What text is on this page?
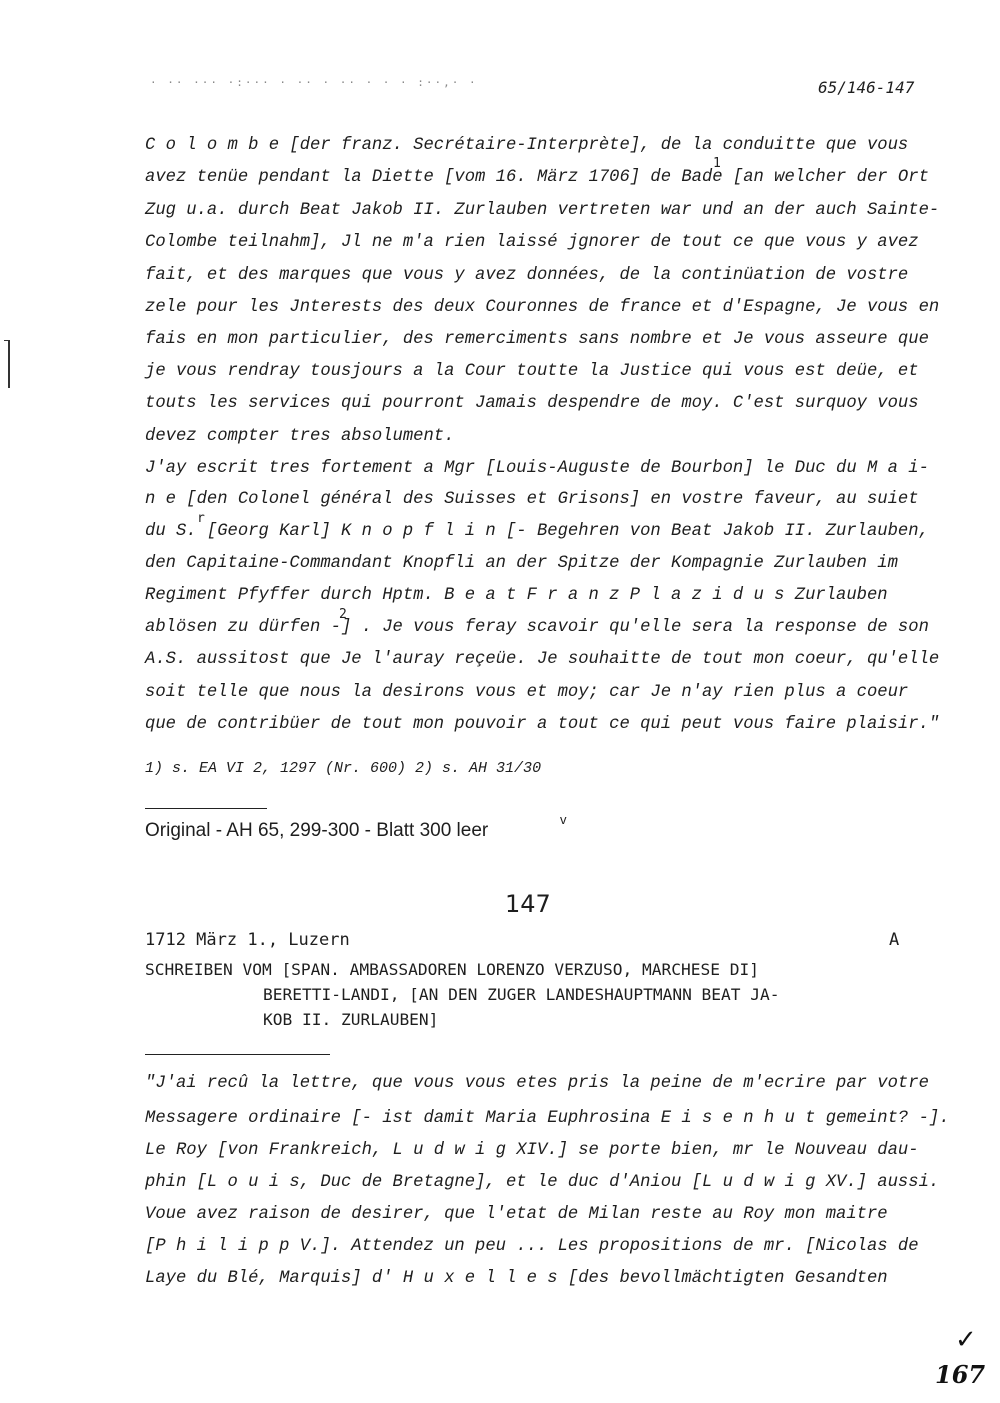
· ·· ··· ·:··· · ·· · ·· · · · :··,· ·	65/146-147
C o l o m b e [der franz. Secrétaire-Interprète], de la conduitte que vous
avez tenüe pendant la Diette [vom 16. März 1706] de Bade [an welcher der Ort
1
Zug u.a. durch Beat Jakob II. Zurlauben vertreten war und an der auch Sainte-
Colombe teilnahm], Jl ne m'a rien laissé jgnorer de tout ce que vous y avez
fait, et des marques que vous y avez données, de la continüation de vostre
zele pour les Jnterests des deux Couronnes de france et d'Espagne, Je vous en
fais en mon particulier, des remerciments sans nombre et Je vous asseure que
je vous rendray tousjours a la Cour toutte la Justice qui vous est deüe, et
touts les services qui pourront Jamais despendre de moy. C'est surquoy vous
devez compter tres absolument.
J'ay escrit tres fortement a Mgr [Louis-Auguste de Bourbon] le Duc du M a i-
n e [den Colonel général des Suisses et Grisons] en vostre faveur, au suiet
du S. [Georg Karl] K n o p f l i n [- Begehren von Beat Jakob II. Zurlauben,
r
den Capitaine-Commandant Knopfli an der Spitze der Kompagnie Zurlauben im
Regiment Pfyffer durch Hptm. B e a t F r a n z P l a z i d u s Zurlauben
ablösen zu dürfen -] . Je vous feray scavoir qu'elle sera la response de son
2
A.S. aussitost que Je l'auray reçeüe. Je souhaitte de tout mon coeur, qu'elle
soit telle que nous la desirons vous et moy; car Je n'ay rien plus a coeur
que de contribüer de tout mon pouvoir a tout ce qui peut vous faire plaisir."
1) s. EA VI 2, 1297 (Nr. 600) 2) s. AH 31/30
Original - AH 65, 299-300 - Blatt 300 leer
v
147
1712 März 1., Luzern	A
SCHREIBEN VOM [SPAN. AMBASSADOREN LORENZO VERZUSO, MARCHESE DI]
BERETTI-LANDI, [AN DEN ZUGER LANDESHAUPTMANN BEAT JA-
KOB II. ZURLAUBEN]
"J'ai recû la lettre, que vous vous etes pris la peine de m'ecrire par votre
Messagere ordinaire [- ist damit Maria Euphrosina E i s e n h u t gemeint? -].
Le Roy [von Frankreich, L u d w i g XIV.] se porte bien, mr le Nouveau dau-
phin [L o u i s, Duc de Bretagne], et le duc d'Aniou [L u d w i g XV.] aussi.
Voue avez raison de desirer, que l'etat de Milan reste au Roy mon maitre
[P h i l i p p V.]. Attendez un peu ... Les propositions de mr. [Nicolas de
Laye du Blé, Marquis] d' H u x e l l e s [des bevollmächtigten Gesandten
✓
167
